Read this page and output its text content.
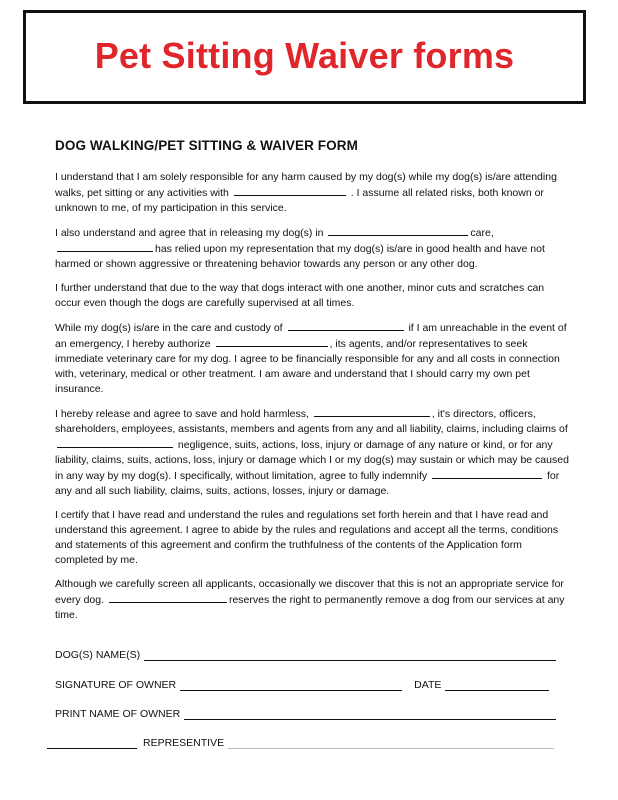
Pet Sitting Waiver forms
DOG WALKING/PET SITTING & WAIVER FORM

I understand that I am solely responsible for any harm caused by my dog(s) while my dog(s) is/are attending walks, pet sitting or any activities with	. I assume all related risks, both known or unknown to me, of my participation in this service.

I also understand and agree that in releasing my dog(s) in	care, has relied upon my representation that my dog(s) is/are in good health and have not harmed or shown aggressive or threatening behavior towards any person or any other dog.

I further understand that due to the way that dogs interact with one another, minor cuts and scratches can occur even though the dogs are carefully supervised at all times.

While my dog(s) is/are in the care and custody of	if I am unreachable in the event of an emergency, I hereby authorize	, its agents, and/or representatives to seek immediate veterinary care for my dog. I agree to be financially responsible for any and all costs in connection with, veterinary, medical or other treatment. I am aware and understand that I should carry my own pet insurance.

I hereby release and agree to save and hold harmless,	, it's directors, officers, shareholders, employees, assistants, members and agents from any and all liability, claims, including claims of  negligence, suits, actions, loss, injury or damage of any nature or kind, or for any liability, claims, suits, actions, loss, injury or damage which I or my dog(s) may sustain or which may be caused in any way by my dog(s). I specifically, without limitation, agree to fully indemnify	for any and all such liability, claims, suits, actions, losses, injury or damage.

I certify that I have read and understand the rules and regulations set forth herein and that I have read and understand this agreement. I agree to abide by the rules and regulations and accept all the terms, conditions and statements of this agreement and confirm the truthfulness of the contents of the Application form completed by me.

Although we carefully screen all applicants, occasionally we discover that this is not an appropriate service for every dog.	reserves the right to permanently remove a dog from our services at any time.

DOG(S) NAME(S)
SIGNATURE OF OWNER	DATE
PRINT NAME OF OWNER
REPRESENTIVE
